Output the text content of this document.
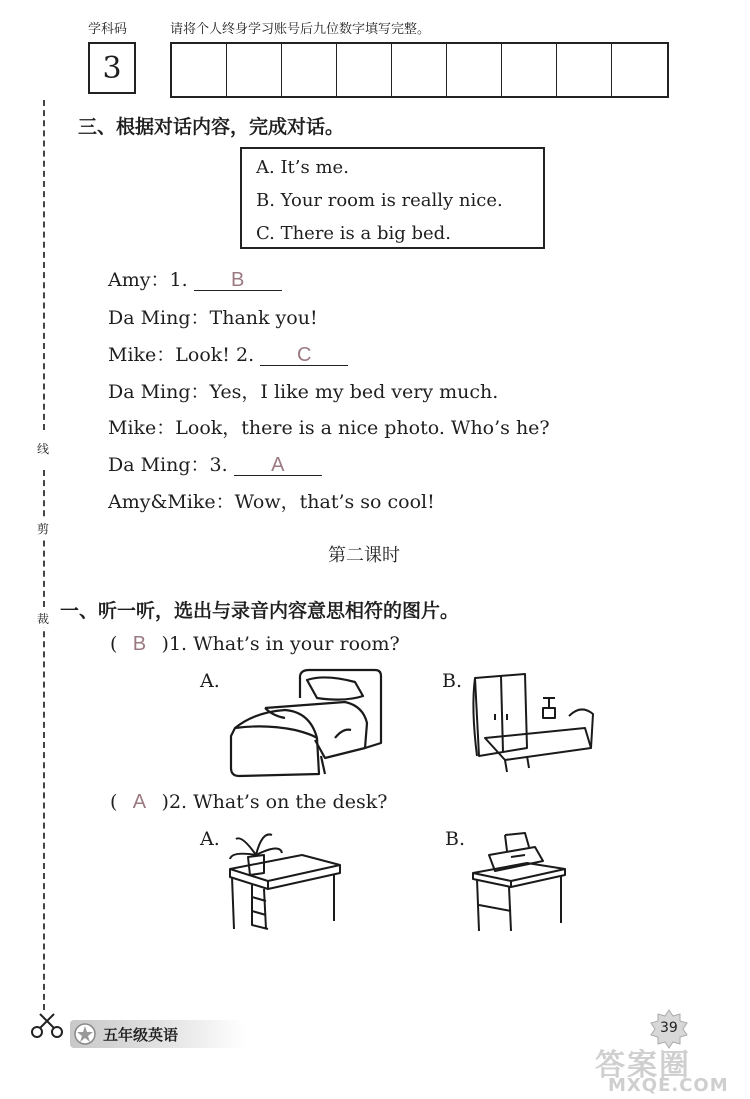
学科码	请将个人终身学习账号后九位数字填写完整。
3
线
剪
裁
三、根据对话内容，完成对话。
A. It’s me.
B. Your room is really nice.
C. There is a big bed.
Amy：1. B
Da Ming：Thank you!
Mike：Look! 2. C
Da Ming：Yes，I like my bed very much.
Mike：Look，there is a nice photo. Who’s he?
Da Ming：3. A
Amy&Mike：Wow，that’s so cool!
第二课时
一、听一听，选出与录音内容意思相符的图片。
( B )1. What’s in your room?
A.	B.
( A )2. What’s on the desk?
A.	B.
五年级英语	39
答案圈
MXQE.COM
